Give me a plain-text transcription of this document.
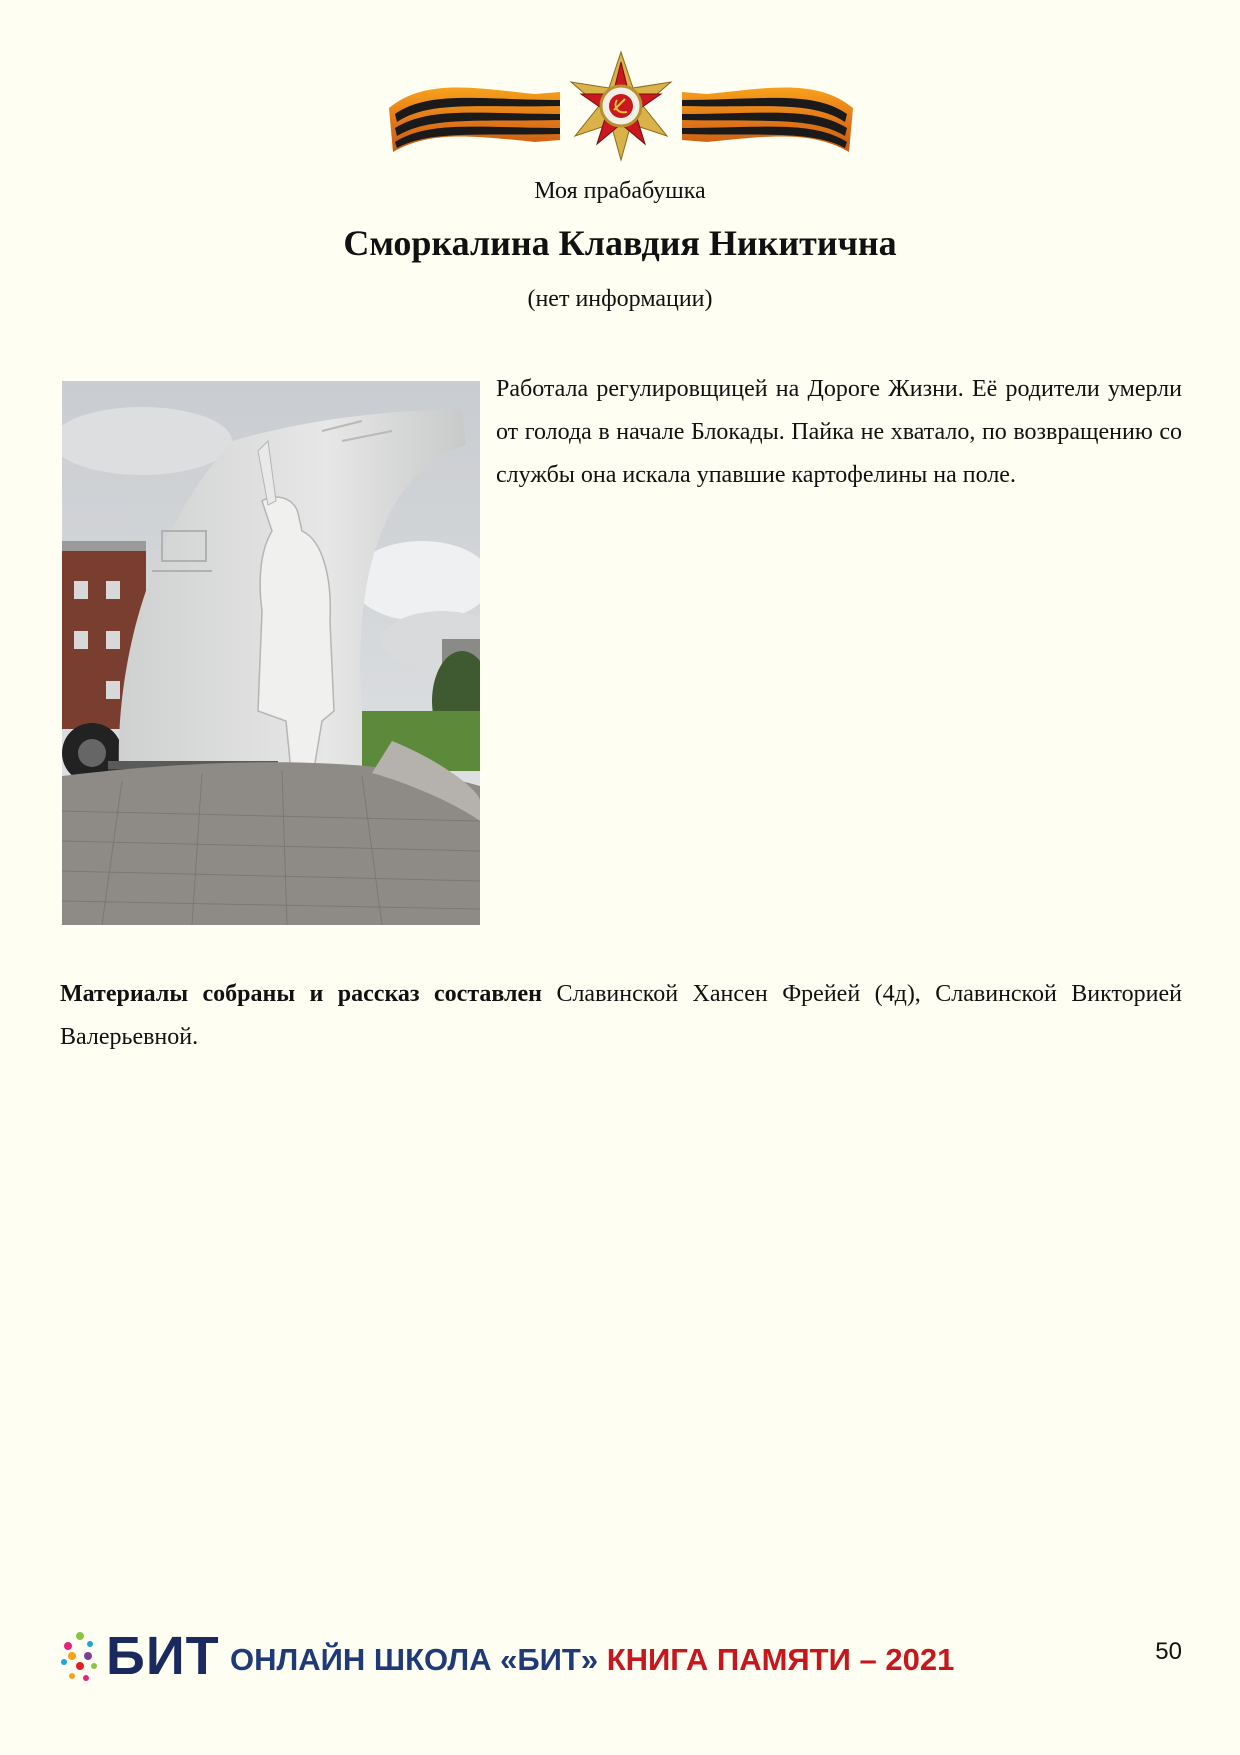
Моя прабабушка
Сморкалина Клавдия Никитична
(нет информации)

Работала регулировщицей на Дороге Жизни. Её родители умерли от голода в начале Блокады. Пайка не хватало, по возвращению со службы она искала упавшие картофелины на поле.

Материалы собраны и рассказ составлен Славинской Хансен Фрейей (4д), Славинской Викторией Валерьевной.

БИТ ОНЛАЙН ШКОЛА «БИТ» КНИГА ПАМЯТИ – 2021	50
